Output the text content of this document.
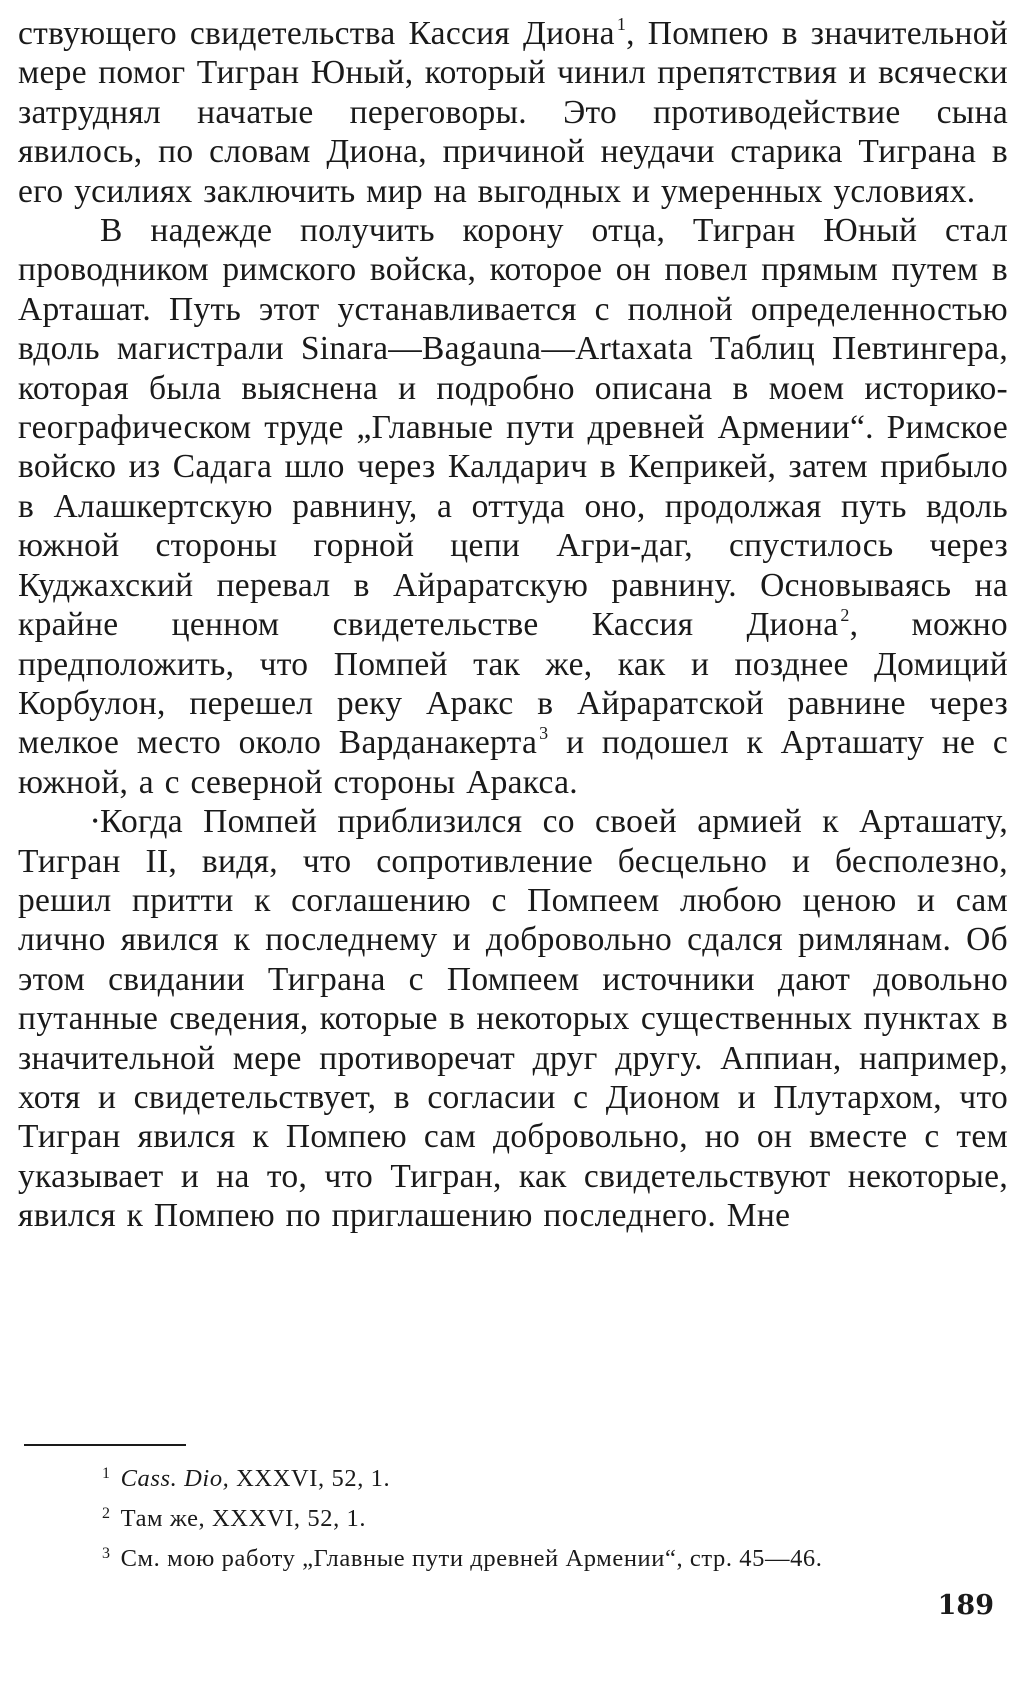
ствующего свидетельства Кассия Диона $^1$, Помпею в значительной мере помог Тигран Юный, который чинил препятствия и всячески затруднял начатые переговоры. Это противодействие сына явилось, по словам Диона, причиной неудачи старика Тиграна в его усилиях заключить мир на выгодных и умеренных условиях.

В надежде получить корону отца, Тигран Юный стал проводником римского войска, которое он повел прямым путем в Арташат. Путь этот устанавливается с полной определенностью вдоль магистрали Sinara—Bagauna—Artaxata Таблиц Певтингера, которая была выяснена и подробно описана в моем историко-географическом труде „Главные пути древней Армении“. Римское войско из Садага шло через Калдарич в Кеприкей, затем прибыло в Алашкертскую равнину, а оттуда оно, продолжая путь вдоль южной стороны горной цепи Агри-даг, спустилось через Куджахский перевал в Айраратскую равнину. Основываясь на крайне ценном свидетельстве Кассия Диона $^2$, можно предположить, что Помпей так же, как и позднее Домиций Корбулон, перешел реку Аракс в Айраратской равнине через мелкое место около Варданакерта $^3$ и подошел к Арташату не с южной, а с северной стороны Аракса.

• Когда Помпей приблизился со своей армией к Арташату, Тигран II, видя, что сопротивление бесцельно и бесполезно, решил притти к соглашению с Помпеем любою ценою и сам лично явился к последнему и добровольно сдался римлянам. Об этом свидании Тиграна с Помпеем источники дают довольно путанные сведения, которые в некоторых существенных пунктах в значительной мере противоречат друг другу. Аппиан, например, хотя и свидетельствует, в согласии с Дионом и Плутархом, что Тигран явился к Помпею сам добровольно, но он вместе с тем указывает и на то, что Тигран, как свидетельствуют некоторые, явился к Помпею по приглашению последнего. Мне

$^1$ Cass. Dio, XXXVI, 52, 1.
$^2$ Там же, XXXVI, 52, 1.
$^3$ См. мою работу „Главные пути древней Армении“, стр. 45—46.
189
